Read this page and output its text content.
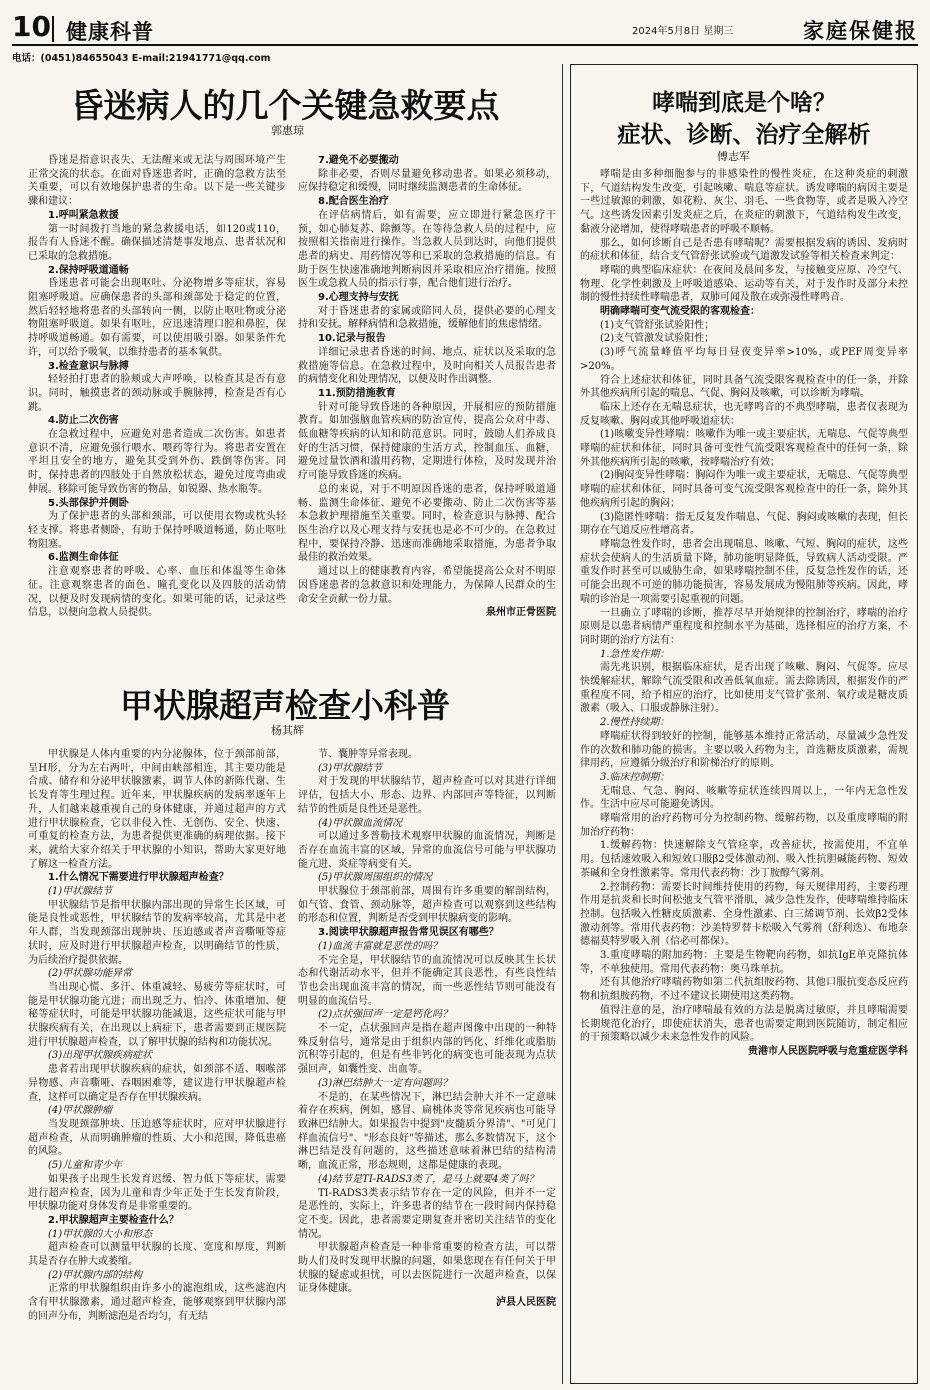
10 健康科普	2024年5月8日 星期三	家庭保健报
电话：(0451)84655043 E-mail:21941771@qq.com
昏迷病人的几个关键急救要点
郭惠琼

昏迷是指意识丧失、无法醒来或无法与周围环境产生正常交流的状态。在面对昏迷患者时，正确的急救方法至关重要，可以有效地保护患者的生命。以下是一些关键步骤和建议：

1.呼叫紧急救援

第一时间拨打当地的紧急救援电话，如120或110，报告有人昏迷不醒。确保描述清楚事发地点、患者状况和已采取的急救措施。

2.保持呼吸道通畅

昏迷患者可能会出现呕吐、分泌物增多等症状，容易阻塞呼吸道。应确保患者的头部和颈部处于稳定的位置，然后轻轻地将患者的头部转向一侧，以防止呕吐物或分泌物阻塞呼吸道。如果有呕吐，应迅速清理口腔和鼻腔，保持呼吸道畅通。如有需要，可以使用吸引器。如果条件允许，可以给予吸氧，以维持患者的基本氧供。

3.检查意识与脉搏

轻轻拍打患者的脸颊或大声呼唤，以检查其是否有意识。同时，触摸患者的颈动脉或手腕脉搏，检查是否有心跳。

4.防止二次伤害

在急救过程中，应避免对患者造成二次伤害。如患者意识不清，应避免强行喂水、喂药等行为。将患者安置在平坦且安全的地方，避免其受到外伤、跌倒等伤害。同时，保持患者的四肢处于自然放松状态，避免过度弯曲或伸展。移除可能导致伤害的物品，如锐器、热水瓶等。

5.头部保护并侧卧

为了保护患者的头部和颈部，可以使用衣物或枕头轻轻支撑。将患者侧卧，有助于保持呼吸道畅通，防止呕吐物阻塞。

6.监测生命体征

注意观察患者的呼吸、心率、血压和体温等生命体征。注意观察患者的面色、瞳孔变化以及四肢的活动情况，以便及时发现病情的变化。如果可能的话，记录这些信息，以便向急救人员提供。

7.避免不必要搬动

除非必要，否则尽量避免移动患者。如果必须移动，应保持稳定和缓慢，同时继续监测患者的生命体征。

8.配合医生治疗

在评估病情后，如有需要，应立即进行紧急医疗干预，如心肺复苏、除颤等。在等待急救人员的过程中，应按照相关指南进行操作。当急救人员到达时，向他们提供患者的病史、用药情况等和已采取的急救措施的信息。有助于医生快速准确地判断病因并采取相应治疗措施。按照医生或急救人员的指示行事，配合他们进行治疗。

9.心理支持与安抚

对于昏迷患者的家属或陪同人员，提供必要的心理支持和安抚。解释病情和急救措施，缓解他们的焦虑情绪。

10.记录与报告

详细记录患者昏迷的时间、地点、症状以及采取的急救措施等信息。在急救过程中，及时向相关人员报告患者的病情变化和处理情况，以便及时作出调整。

11.预防措施教育

针对可能导致昏迷的各种原因，开展相应的预防措施教育。如加强脑血管疾病的防治宣传，提高公众对中毒、低血糖等疾病的认知和防范意识。同时，鼓励人们养成良好的生活习惯，保持健康的生活方式，控制血压、血糖，避免过量饮酒和滥用药物，定期进行体检，及时发现并治疗可能导致昏迷的疾病。

总的来说，对于不明原因昏迷的患者，保持呼吸道通畅、监测生命体征、避免不必要搬动、防止二次伤害等基本急救护理措施至关重要。同时，检查意识与脉搏、配合医生治疗以及心理支持与安抚也是必不可少的。在急救过程中，要保持冷静、迅速而准确地采取措施，为患者争取最佳的救治效果。

通过以上的健康教育内容，希望能提高公众对不明原因昏迷患者的急救意识和处理能力，为保障人民群众的生命安全贡献一份力量。

泉州市正骨医院

甲状腺超声检查小科普
杨其辉

甲状腺是人体内重要的内分泌腺体，位于颈部前部，呈H形，分为左右两叶，中间由峡部相连，其主要功能是合成、储存和分泌甲状腺激素，调节人体的新陈代谢、生长发育等生理过程。近年来，甲状腺疾病的发病率逐年上升，人们越来越重视自己的身体健康，并通过超声的方式进行甲状腺检查，它以非侵入性、无创伤、安全、快速、可重复的检查方法，为患者提供更准确的病理依据。接下来，就给大家介绍关于甲状腺的小知识，帮助大家更好地了解这一检查方法。

1.什么情况下需要进行甲状腺超声检查？

(1)甲状腺结节

甲状腺结节是指甲状腺内部出现的异常生长区域，可能是良性或恶性，甲状腺结节的发病率较高，尤其是中老年人群，当发现颈部出现肿块、压迫感或者声音嘶哑等症状时，应及时进行甲状腺超声检查，以明确结节的性质，为后续治疗提供依据。

(2)甲状腺功能异常

当出现心慌、多汗、体重减轻、易疲劳等症状时，可能是甲状腺功能亢进；而出现乏力、怕冷、体重增加、便秘等症状时，可能是甲状腺功能减退，这些症状可能与甲状腺疾病有关，在出现以上病症下，患者需要到正规医院进行甲状腺超声检查，以了解甲状腺的结构和功能状况。

(3)出现甲状腺疾病症状

患者若出现甲状腺疾病的症状，如颈部不适、咽喉部异物感、声音嘶哑、吞咽困难等，建议进行甲状腺超声检查，这样可以确定是否存在甲状腺疾病。

(4)甲状腺肿瘤

当发现颈部肿块、压迫感等症状时，应对甲状腺进行超声检查，从而明确肿瘤的性质、大小和范围，降低患癌的风险。

(5)儿童和青少年

如果孩子出现生长发育迟缓、智力低下等症状，需要进行超声检查，因为儿童和青少年正处于生长发育阶段，甲状腺功能对身体发育是非常重要的。

2.甲状腺超声主要检查什么？

(1)甲状腺的大小和形态

超声检查可以测量甲状腺的长度、宽度和厚度，判断其是否存在肿大或萎缩。

(2)甲状腺内部的结构

正常的甲状腺组织由许多小的滤泡组成，这些滤泡内含有甲状腺激素，通过超声检查，能够观察到甲状腺内部的回声分布，判断滤泡是否均匀，有无结

节、囊肿等异常表现。

(3)甲状腺结节

对于发现的甲状腺结节，超声检查可以对其进行详细评估，包括大小、形态、边界、内部回声等特征，以判断结节的性质是良性还是恶性。

(4)甲状腺血流情况

可以通过多普勒技术观察甲状腺的血流情况，判断是否存在血流丰富的区域，异常的血流信号可能与甲状腺功能亢进、炎症等病变有关。

(5)甲状腺周围组织的情况

甲状腺位于颈部前部，周围有许多重要的解剖结构，如气管、食管、颈动脉等，超声检查可以观察到这些结构的形态和位置，判断是否受到甲状腺病变的影响。

3.阅读甲状腺超声报告常见误区有哪些？

(1)血流丰富就是恶性的吗？

不完全是，甲状腺结节的血流情况可以反映其生长状态和代谢活动水平，但并不能确定其良恶性，有些良性结节也会出现血流丰富的情况，而一些恶性结节则可能没有明显的血流信号。

(2)点状强回声一定是钙化吗？

不一定，点状强回声是指在超声图像中出现的一种特殊反射信号，通常是由于组织内部的钙化、纤维化或脂肪沉积等引起的，但是有些非钙化的病变也可能表现为点状强回声，如囊性变、出血等。

(3)淋巴结肿大一定有问题吗？

不是的，在某些情况下，淋巴结会肿大并不一定意味着存在疾病，例如，感冒、扁桃体炎等常见疾病也可能导致淋巴结肿大。如果报告中提到"皮髓质分界清"、"可见门样血流信号"、"形态良好"等描述，那么多数情况下，这个淋巴结是没有问题的，这些描述意味着淋巴结的结构清晰，血流正常，形态规则，这都是健康的表现。

(4)结节是TI-RADS3类了，是马上就要4类了吗？

TI-RADS3类表示结节存在一定的风险，但并不一定是恶性的，实际上，许多患者的结节在一段时间内保持稳定不变。因此，患者需要定期复查并密切关注结节的变化情况。

甲状腺超声检查是一种非常重要的检查方法，可以帮助人们及时发现甲状腺的问题，如果您现在有任何关于甲状腺的疑虑或担忧，可以去医院进行一次超声检查，以保证身体健康。

泸县人民医院

哮喘到底是个啥？
症状、诊断、治疗全解析
傅志军

哮喘是由多种细胞参与的非感染性的慢性炎症，在这种炎症的刺激下，气道结构发生改变，引起咳嗽、喘息等症状。诱发哮喘的病因主要是一些过敏源的刺激，如花粉、灰尘、羽毛、一些食物等，或者是吸入冷空气。这些诱发因素引发炎症之后，在炎症的刺激下，气道结构发生改变，黏液分泌增加，使得哮喘患者的呼吸不顺畅。

那么，如何诊断自己是否患有哮喘呢？需要根据发病的诱因、发病时的症状和体征，结合支气管舒张试验或气道激发试验等相关检查来判定：

哮喘的典型临床症状：在夜间及晨间多发，与接触变应原、冷空气、物理、化学性刺激及上呼吸道感染、运动等有关，对于发作时及部分未控制的慢性持续性哮喘患者，双肺可闻及散在或弥漫性哮鸣音。

明确哮喘可变气流受限的客观检查：

(1)支气管舒张试验阳性；

(2)支气管激发试验阳性；

(3)呼气流量峰值平均每日昼夜变异率>10%，或PEF周变异率>20%。

符合上述症状和体征，同时具备气流受限客观检查中的任一条，并除外其他疾病所引起的喘息、气促、胸闷及咳嗽，可以诊断为哮喘。

临床上还存在无喘息症状，也无哮鸣音的不典型哮喘，患者仅表现为反复咳嗽、胸闷或其他呼吸道症状：

(1)咳嗽变异性哮喘：咳嗽作为唯一或主要症状，无喘息、气促等典型哮喘的症状和体征，同时具备可变性气流受限客观检查中的任何一条，除外其他疾病所引起的咳嗽，按哮喘治疗有效；

(2)胸闷变异性哮喘：胸闷作为唯一或主要症状，无喘息、气促等典型哮喘的症状和体征，同时具备可变气流受限客观检查中的任一条，除外其他疾病所引起的胸闷；

(3)隐匿性哮喘：指无反复发作喘息、气促、胸闷或咳嗽的表现，但长期存在气道反应性增高者。

哮喘急性发作时，患者会出现喘息、咳嗽、气短、胸闷的症状，这些症状会使病人的生活质量下降，肺功能明显降低，导致病人活动受限。严重发作时甚至可以威胁生命，如果哮喘控制不佳，反复急性发作的话，还可能会出现不可逆的肺功能损害，容易发展成为慢阻肺等疾病。因此，哮喘的诊治是一项需要引起重视的问题。

一旦确立了哮喘的诊断，推荐尽早开始规律的控制治疗，哮喘的治疗原则是以患者病情严重程度和控制水平为基础，选择相应的治疗方案，不同时期的治疗方法有：

1.急性发作期：

需先兆识别，根据临床症状，是否出现了咳嗽、胸闷、气促等。应尽快缓解症状，解除气流受限和改善低氧血症。需去除诱因，根据发作的严重程度不同，给予相应的治疗，比如使用支气管扩张剂、氧疗或是糖皮质激素（吸入、口服或静脉注射）。

2.慢性持续期：

哮喘症状得到较好的控制，能够基本维持正常活动，尽量减少急性发作的次数和肺功能的损害。主要以吸入药物为主，首选糖皮质激素，需规律用药，应遵循分级治疗和阶梯治疗的原则。

3.临床控制期：

无喘息、气急、胸闷、咳嗽等症状连续四周以上，一年内无急性发作。生活中应尽可能避免诱因。

哮喘常用的治疗药物可分为控制药物、缓解药物，以及重度哮喘的附加治疗药物：

1.缓解药物：快速解除支气管痉挛，改善症状，按需使用，不宜单用。包括速效吸入和短效口服β2受体激动剂、吸入性抗胆碱能药物、短效茶碱和全身性激素等。常用代表药物：沙丁胺醇气雾剂。

2.控制药物：需要长时间维持使用的药物，每天规律用药，主要药理作用是抗炎和长时间松弛支气管平滑肌，减少急性发作，使哮喘维持临床控制。包括吸入性糖皮质激素、全身性激素、白三烯调节剂、长效β2受体激动剂等。常用代表药物：沙美特罗替卡松吸入气雾剂（舒利迭）、布地奈德福莫特罗吸入剂（信必可都保）。

3.重度哮喘的附加药物：主要是生物靶向药物，如抗IgE单克隆抗体等，不单独使用。常用代表药物：奥马珠单抗。

还有其他治疗哮喘药物如第二代抗组胺药物、其他口服抗变态反应药物和抗组胺药物，不过不建议长期使用这类药物。

值得注意的是，治疗哮喘最有效的方法是脱离过敏原，并且哮喘需要长期规范化治疗，即使症状消失，患者也需要定期到医院随访，制定相应的干预策略以减少未来急性发作的风险。

贵港市人民医院呼吸与危重症医学科
